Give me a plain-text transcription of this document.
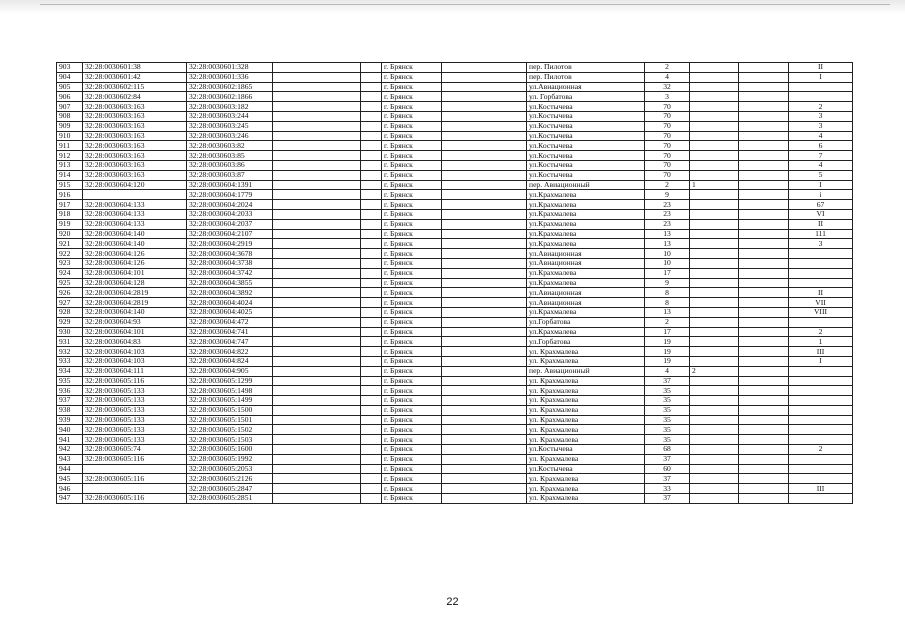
903	32:28:0030601:38	32:28:0030601:328			г. Брянск		пер. Пилотов	2			II
904	32:28:0030601:42	32:28:0030601:336			г. Брянск		пер. Пилотов	4			I
905	32:28:0030602:115	32:28:0030602:1865			г. Брянск		ул.Авиационная	32			
906	32:28:0030602:84	32:28:0030602:1866			г. Брянск		ул. Горбатова	3			
907	32:28:0030603:163	32:28:0030603:182			г. Брянск		ул.Костычева	70			2
908	32:28:0030603:163	32:28:0030603:244			г. Брянск		ул.Костычева	70			3
909	32:28:0030603:163	32:28:0030603:245			г. Брянск		ул.Костычева	70			3
910	32:28:0030603:163	32:28:0030603:246			г. Брянск		ул.Костычева	70			4
911	32:28:0030603:163	32:28:0030603:82			г. Брянск		ул.Костычева	70			6
912	32:28:0030603:163	32:28:0030603:85			г. Брянск		ул.Костычева	70			7
913	32:28:0030603:163	32:28:0030603:86			г. Брянск		ул.Костычева	70			4
914	32:28:0030603:163	32:28:0030603:87			г. Брянск		ул.Костычева	70			5
915	32:28:0030604:120	32:28:0030604:1391			г. Брянск		пер. Авиационный	2	1		I
916		32:28:0030604:1779			г. Брянск		ул.Крахмалева	9			i
917	32:28:0030604:133	32:28:0030604:2024			г. Брянск		ул.Крахмалева	23			67
918	32:28:0030604:133	32:28:0030604:2033			г. Брянск		ул.Крахмалева	23			VI
919	32:28:0030604:133	32:28:0030604:2037			г. Брянск		ул.Крахмалева	23			II
920	32:28:0030604:140	32:28:0030604:2107			г. Брянск		ул.Крахмалева	13			111
921	32:28:0030604:140	32:28:0030604:2919			г. Брянск		ул.Крахмалева	13			3
922	32:28:0030604:126	32:28:0030604:3678			г. Брянск		ул.Авиационная	10			
923	32:28:0030604:126	32:28:0030604:3738			г. Брянск		ул.Авиационная	10			
924	32:28:0030604:101	32:28:0030604:3742			г. Брянск		ул.Крахмалева	17			
925	32:28:0030604:128	32:28:0030604:3855			г. Брянск		ул.Крахмалева	9			
926	32:28:0030604:2819	32:28:0030604:3892			г. Брянск		ул.Авиационная	8			II
927	32:28:0030604:2819	32:28:0030604:4024			г. Брянск		ул.Авиационная	8			VII
928	32:28:0030604:140	32:28:0030604:4025			г. Брянск		ул.Крахмалева	13			VIII
929	32:28:0030604:93	32:28:0030604:472			г. Брянск		ул.Горбатова	2			
930	32:28:0030604:101	32:28:0030604:741			г. Брянск		ул.Крахмалева	17			2
931	32:28:0030604:83	32:28:0030604:747			г. Брянск		ул.Горбатова	19			1
932	32:28:0030604:103	32:28:0030604:822			г. Брянск		ул. Крахмалева	19			III
933	32:28:0030604:103	32:28:0030604:824			г. Брянск		ул. Крахмалева	19			I
934	32:28:0030604:111	32:28:0030604:905			г. Брянск		пер. Авиационный	4	2		
935	32:28:0030605:116	32:28:0030605:1299			г. Брянск		ул. Крахмалева	37			
936	32:28:0030605:133	32:28:0030605:1498			г. Брянск		ул. Крахмалева	35			
937	32:28:0030605:133	32:28:0030605:1499			г. Брянск		ул. Крахмалева	35			
938	32:28:0030605:133	32:28:0030605:1500			г. Брянск		ул. Крахмалева	35			
939	32:28:0030605:133	32:28:0030605:1501			г. Брянск		ул. Крахмалева	35			
940	32:28:0030605:133	32:28:0030605:1502			г. Брянск		ул. Крахмалева	35			
941	32:28:0030605:133	32:28:0030605:1503			г. Брянск		ул. Крахмалева	35			
942	32:28:0030605:74	32:28:0030605:1600			г. Брянск		ул.Костычева	68			2
943	32:28:0030605:116	32:28:0030605:1992			г. Брянск		ул. Крахмалева	37			
944		32:28:0030605:2053			г. Брянск		ул.Костычева	60			
945	32:28:0030605:116	32:28:0030605:2126			г. Брянск		ул. Крахмалева	37			
946		32:28:0030605:2847			г. Брянск		ул. Крахмалева	33			III
947	32:28:0030605:116	32:28:0030605:2851			г. Брянск		ул. Крахмалева	37			
22
